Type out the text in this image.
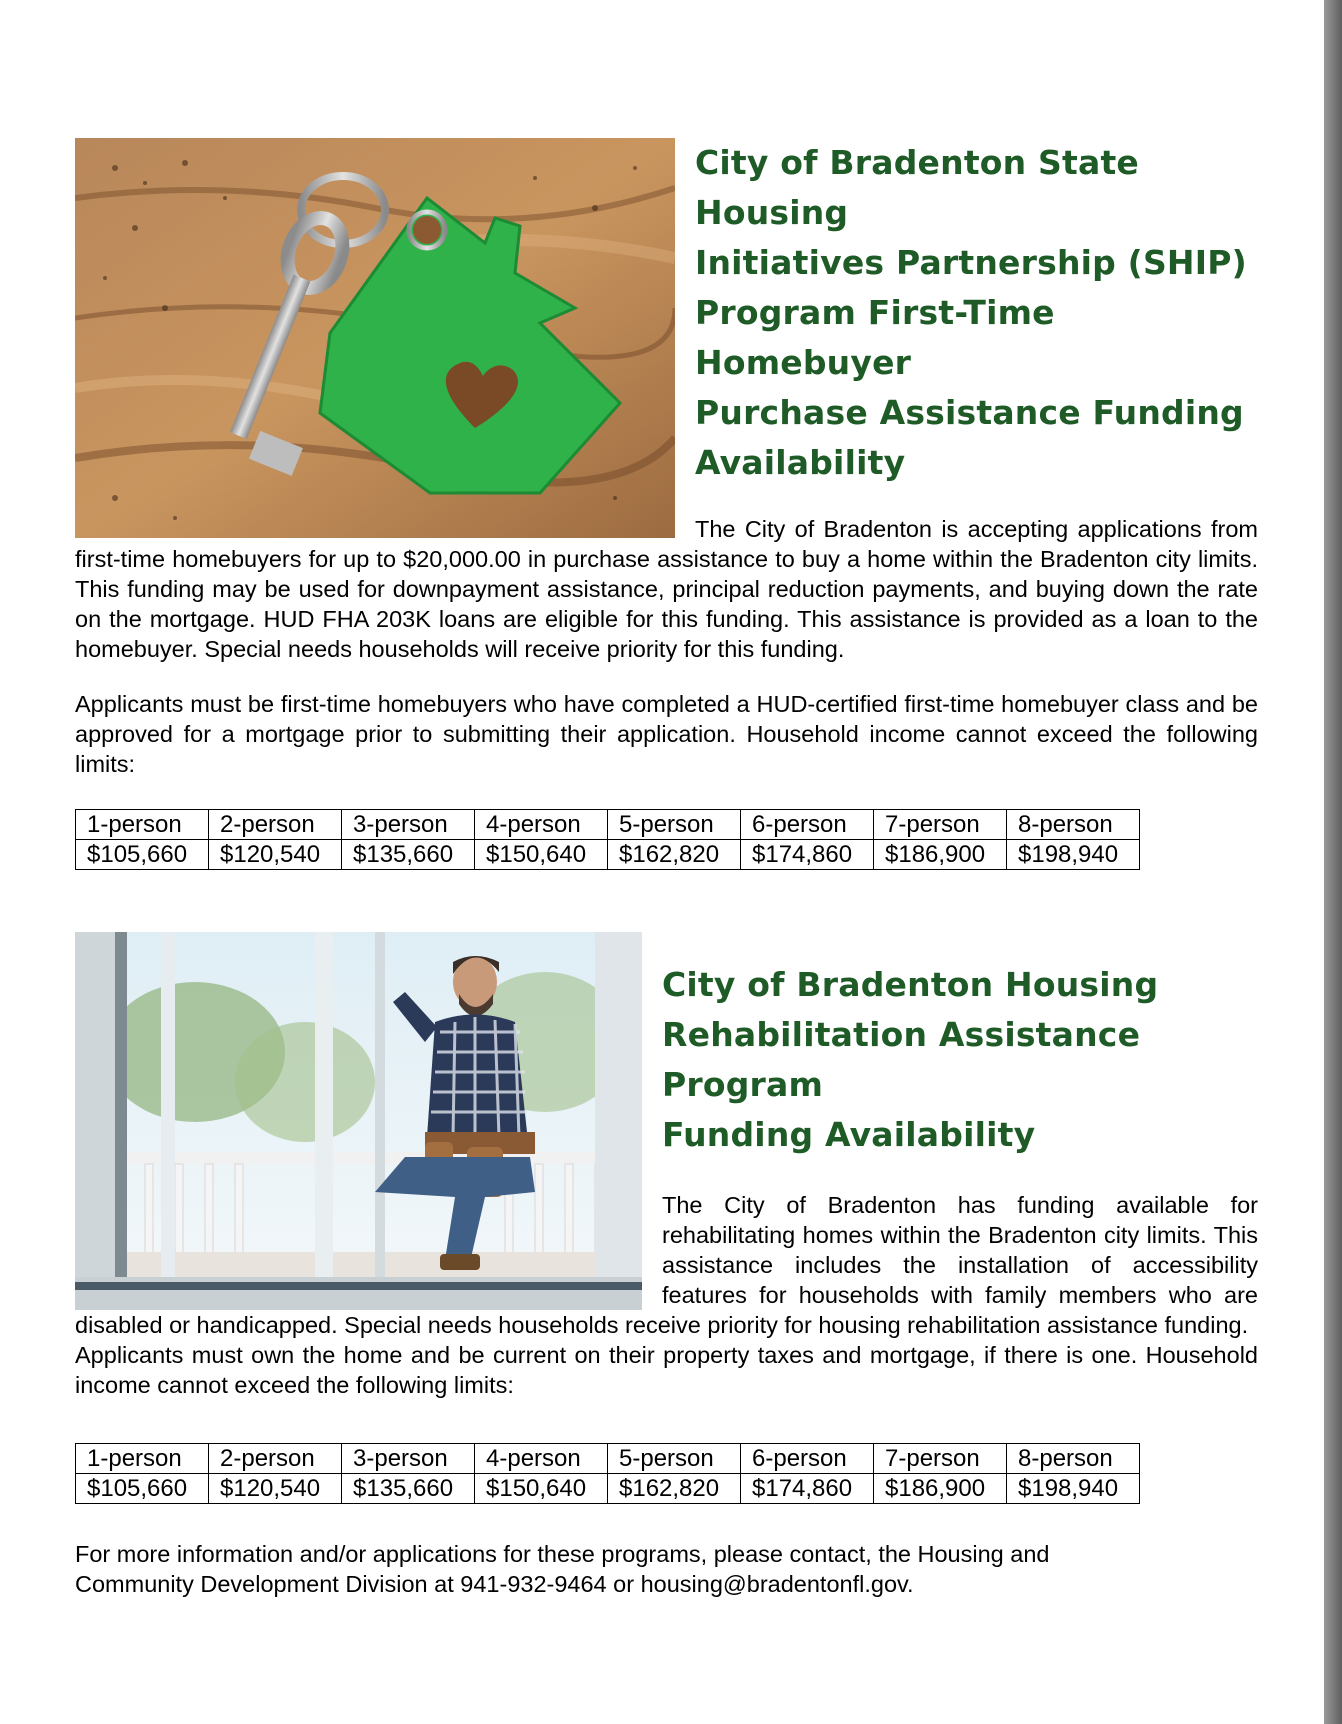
City of Bradenton State Housing
Initiatives Partnership (SHIP)
Program First-Time Homebuyer
Purchase Assistance Funding
Availability

The City of Bradenton is accepting applications from first-time homebuyers for up to $20,000.00 in purchase assistance to buy a home within the Bradenton city limits. This funding may be used for downpayment assistance, principal reduction payments, and buying down the rate on the mortgage. HUD FHA 203K loans are eligible for this funding. This assistance is provided as a loan to the homebuyer. Special needs households will receive priority for this funding.

Applicants must be first-time homebuyers who have completed a HUD-certified first-time homebuyer class and be approved for a mortgage prior to submitting their application. Household income cannot exceed the following limits:

1-person	2-person	3-person	4-person	5-person	6-person	7-person	8-person
$105,660	$120,540	$135,660	$150,640	$162,820	$174,860	$186,900	$198,940
City of Bradenton Housing
Rehabilitation Assistance Program
Funding Availability

The City of Bradenton has funding available for rehabilitating homes within the Bradenton city limits. This assistance includes the installation of accessibility features for households with family members who are disabled or handicapped. Special needs households receive priority for housing rehabilitation assistance funding.

Applicants must own the home and be current on their property taxes and mortgage, if there is one. Household income cannot exceed the following limits:

1-person	2-person	3-person	4-person	5-person	6-person	7-person	8-person
$105,660	$120,540	$135,660	$150,640	$162,820	$174,860	$186,900	$198,940

For more information and/or applications for these programs, please contact, the Housing and
Community Development Division at 941-932-9464 or housing@bradentonfl.gov.
